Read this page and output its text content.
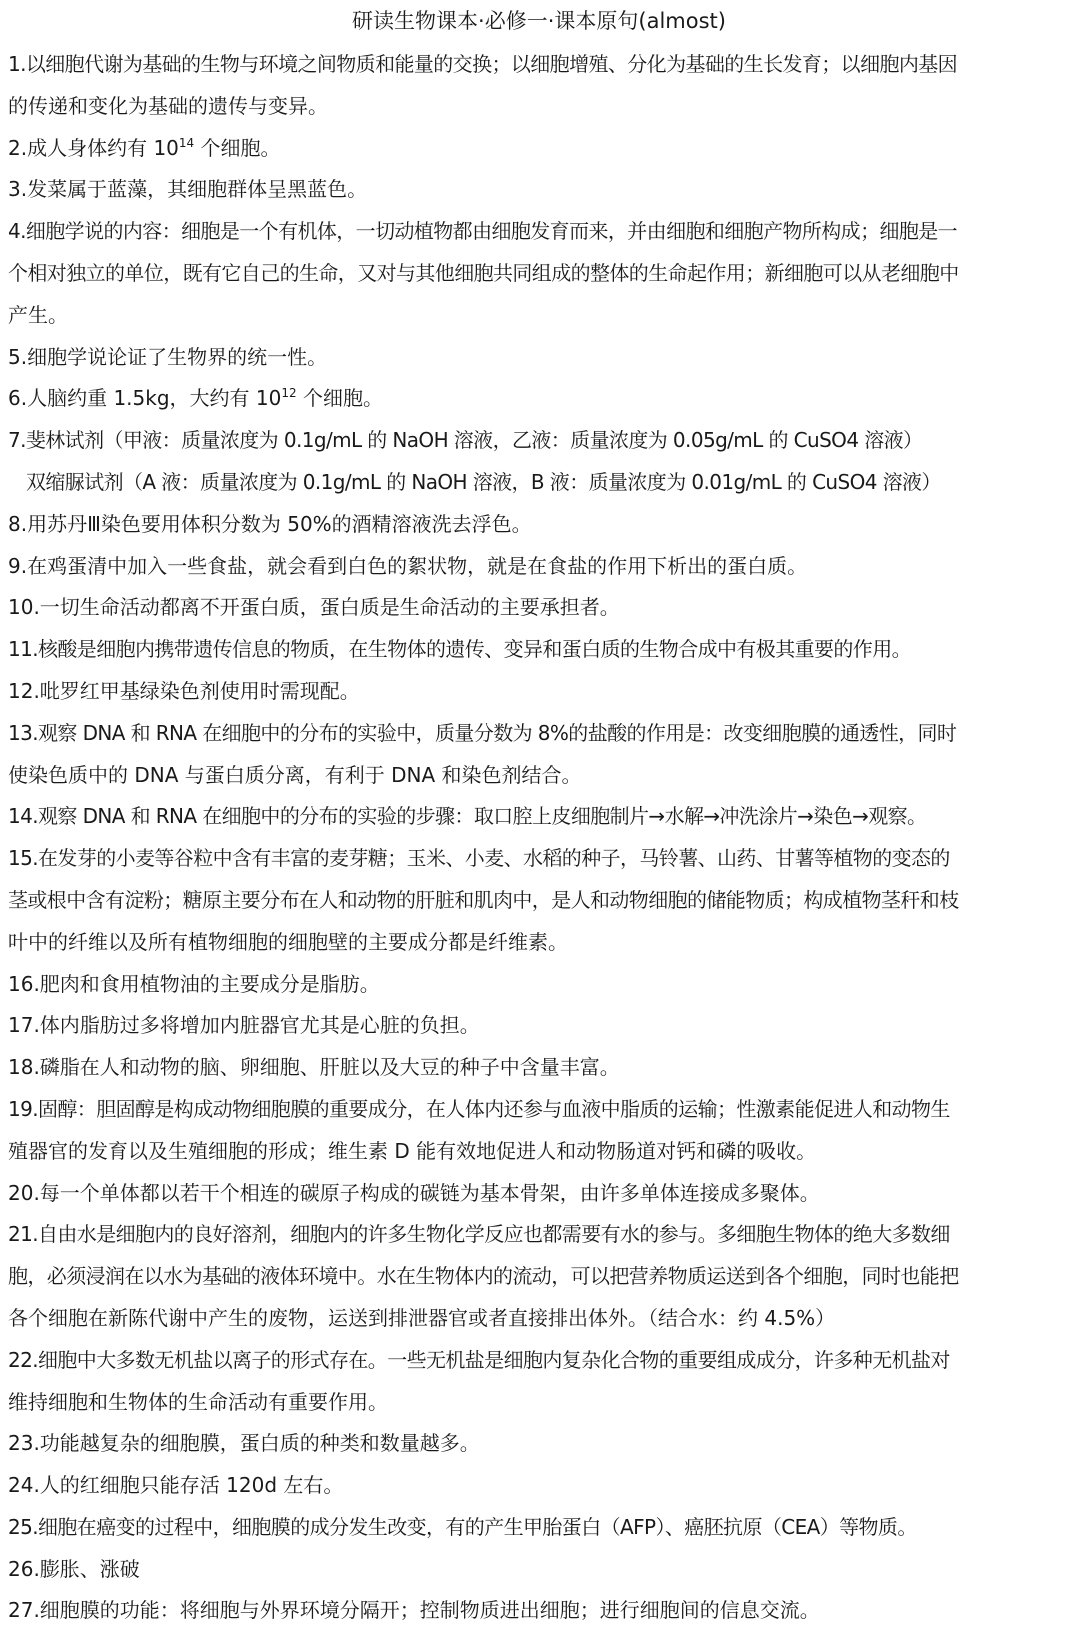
研读生物课本·必修一·课本原句(almost)
1.以细胞代谢为基础的生物与环境之间物质和能量的交换；以细胞增殖、分化为基础的生长发育；以细胞内基因
的传递和变化为基础的遗传与变异。
2.成人身体约有 $10^{14}$ 个细胞。
3.发菜属于蓝藻，其细胞群体呈黑蓝色。
4.细胞学说的内容：细胞是一个有机体，一切动植物都由细胞发育而来，并由细胞和细胞产物所构成；细胞是一
个相对独立的单位，既有它自己的生命，又对与其他细胞共同组成的整体的生命起作用；新细胞可以从老细胞中
产生。
5.细胞学说论证了生物界的统一性。
6.人脑约重 1.5kg，大约有 $10^{12}$ 个细胞。
7.斐林试剂（甲液：质量浓度为 0.1g/mL 的 NaOH 溶液，乙液：质量浓度为 0.05g/mL 的 CuSO4 溶液）
双缩脲试剂（A 液：质量浓度为 0.1g/mL 的 NaOH 溶液，B 液：质量浓度为 0.01g/mL 的 CuSO4 溶液）
8.用苏丹Ⅲ染色要用体积分数为 50%的酒精溶液洗去浮色。
9.在鸡蛋清中加入一些食盐，就会看到白色的絮状物，就是在食盐的作用下析出的蛋白质。
10.一切生命活动都离不开蛋白质，蛋白质是生命活动的主要承担者。
11.核酸是细胞内携带遗传信息的物质，在生物体的遗传、变异和蛋白质的生物合成中有极其重要的作用。
12.吡罗红甲基绿染色剂使用时需现配。
13.观察 DNA 和 RNA 在细胞中的分布的实验中，质量分数为 8%的盐酸的作用是：改变细胞膜的通透性，同时
使染色质中的 DNA 与蛋白质分离，有利于 DNA 和染色剂结合。
14.观察 DNA 和 RNA 在细胞中的分布的实验的步骤：取口腔上皮细胞制片→水解→冲洗涂片→染色→观察。
15.在发芽的小麦等谷粒中含有丰富的麦芽糖；玉米、小麦、水稻的种子，马铃薯、山药、甘薯等植物的变态的
茎或根中含有淀粉；糖原主要分布在人和动物的肝脏和肌肉中，是人和动物细胞的储能物质；构成植物茎秆和枝
叶中的纤维以及所有植物细胞的细胞壁的主要成分都是纤维素。
16.肥肉和食用植物油的主要成分是脂肪。
17.体内脂肪过多将增加内脏器官尤其是心脏的负担。
18.磷脂在人和动物的脑、卵细胞、肝脏以及大豆的种子中含量丰富。
19.固醇：胆固醇是构成动物细胞膜的重要成分，在人体内还参与血液中脂质的运输；性激素能促进人和动物生
殖器官的发育以及生殖细胞的形成；维生素 D 能有效地促进人和动物肠道对钙和磷的吸收。
20.每一个单体都以若干个相连的碳原子构成的碳链为基本骨架，由许多单体连接成多聚体。
21.自由水是细胞内的良好溶剂，细胞内的许多生物化学反应也都需要有水的参与。多细胞生物体的绝大多数细
胞，必须浸润在以水为基础的液体环境中。水在生物体内的流动，可以把营养物质运送到各个细胞，同时也能把
各个细胞在新陈代谢中产生的废物，运送到排泄器官或者直接排出体外。（结合水：约 4.5%）
22.细胞中大多数无机盐以离子的形式存在。一些无机盐是细胞内复杂化合物的重要组成成分，许多种无机盐对
维持细胞和生物体的生命活动有重要作用。
23.功能越复杂的细胞膜，蛋白质的种类和数量越多。
24.人的红细胞只能存活 120d 左右。
25.细胞在癌变的过程中，细胞膜的成分发生改变，有的产生甲胎蛋白（AFP）、癌胚抗原（CEA）等物质。
26.膨胀、涨破
27.细胞膜的功能：将细胞与外界环境分隔开；控制物质进出细胞；进行细胞间的信息交流。
